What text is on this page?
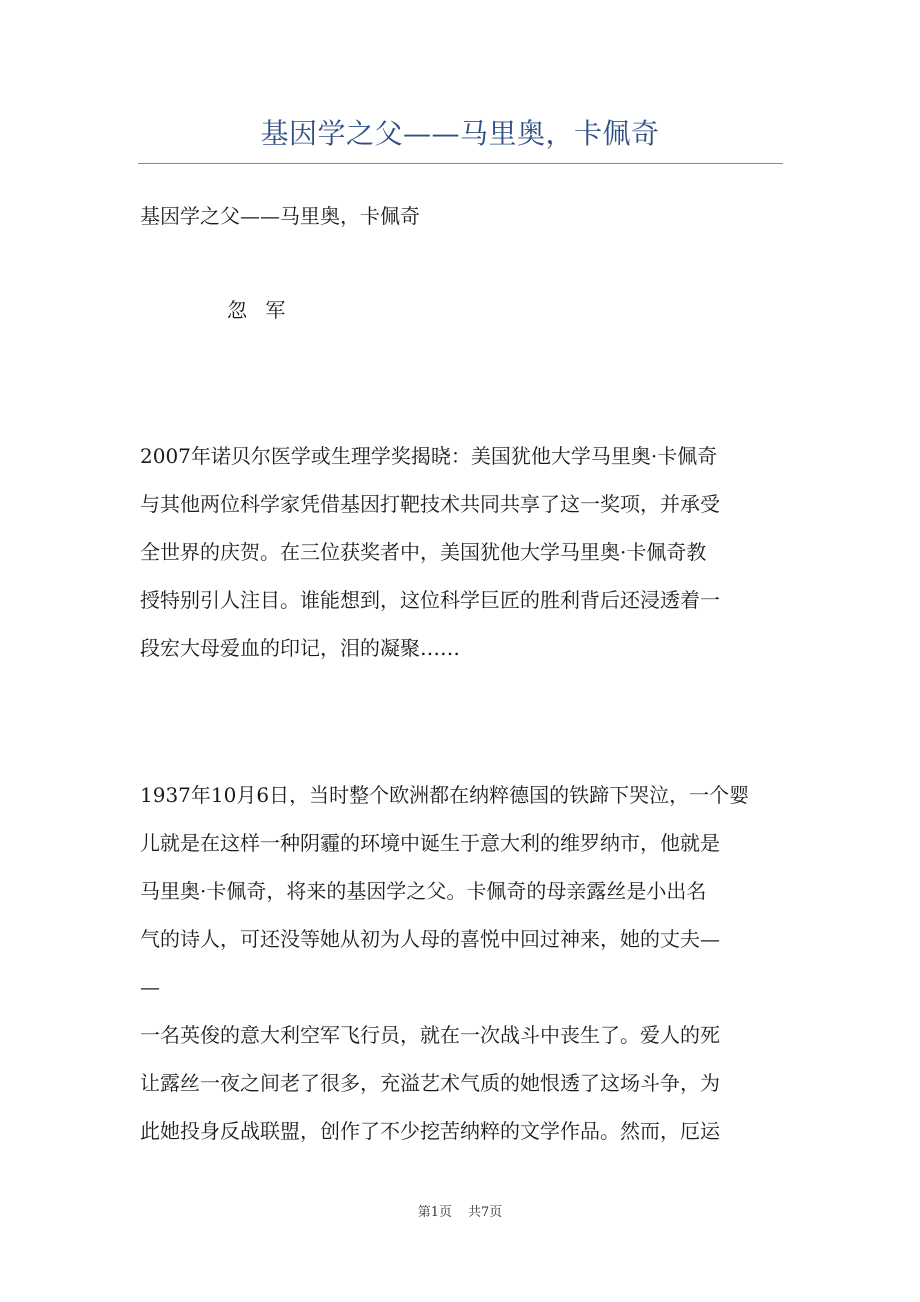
基因学之父——马里奥，卡佩奇
基因学之父——马里奥，卡佩奇
忽 军
2007年诺贝尔医学或生理学奖揭晓：美国犹他大学马里奥·卡佩奇
与其他两位科学家凭借基因打靶技术共同共享了这一奖项，并承受
全世界的庆贺。在三位获奖者中，美国犹他大学马里奥·卡佩奇教
授特别引人注目。谁能想到，这位科学巨匠的胜利背后还浸透着一
段宏大母爱血的印记，泪的凝聚……
1937年10月6日，当时整个欧洲都在纳粹德国的铁蹄下哭泣，一个婴
儿就是在这样一种阴霾的环境中诞生于意大利的维罗纳市，他就是
马里奥·卡佩奇，将来的基因学之父。卡佩奇的母亲露丝是小出名
气的诗人，可还没等她从初为人母的喜悦中回过神来，她的丈夫—
—
一名英俊的意大利空军飞行员，就在一次战斗中丧生了。爱人的死
让露丝一夜之间老了很多，充溢艺术气质的她恨透了这场斗争，为
此她投身反战联盟，创作了不少挖苦纳粹的文学作品。然而，厄运
第1页 共7页
